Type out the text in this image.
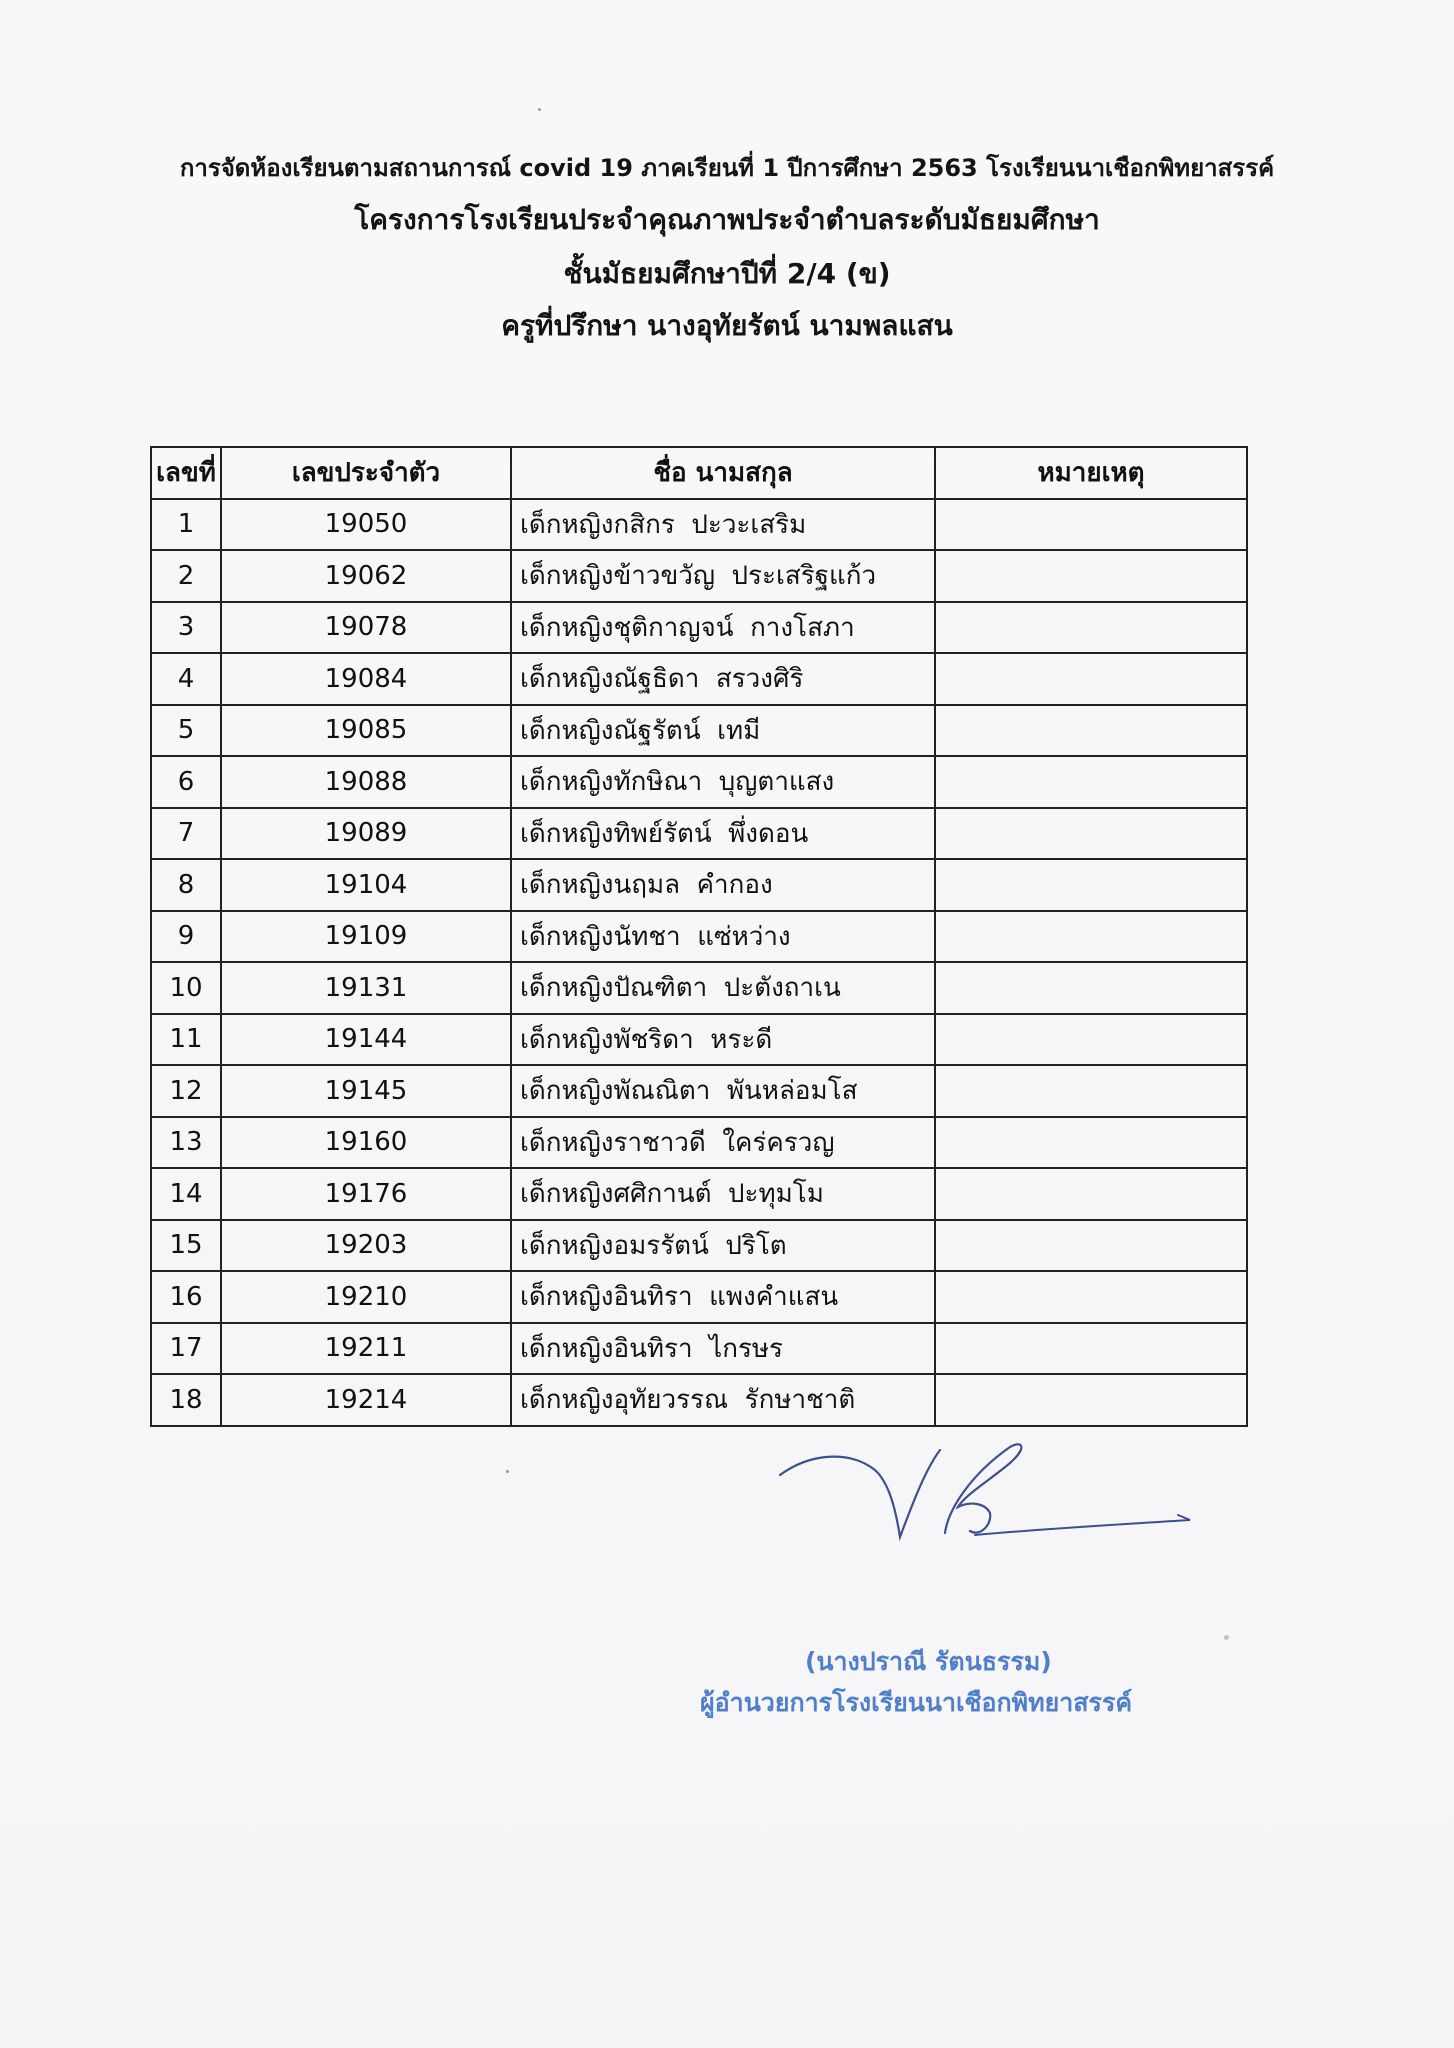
การจัดห้องเรียนตามสถานการณ์ covid 19 ภาคเรียนที่ 1 ปีการศึกษา 2563 โรงเรียนนาเชือกพิทยาสรรค์
โครงการโรงเรียนประจำคุณภาพประจำตำบลระดับมัธยมศึกษา
ชั้นมัธยมศึกษาปีที่ 2/4 (ข)
ครูที่ปรึกษา นางอุทัยรัตน์ นามพลแสน
เลขที่	เลขประจำตัว	ชื่อ นามสกุล	หมายเหตุ
1	19050	เด็กหญิงกสิกร  ปะวะเสริม	
2	19062	เด็กหญิงข้าวขวัญ  ประเสริฐแก้ว	
3	19078	เด็กหญิงชุติกาญจน์  กางโสภา	
4	19084	เด็กหญิงณัฐธิดา  สรวงศิริ	
5	19085	เด็กหญิงณัฐรัตน์  เทมี	
6	19088	เด็กหญิงทักษิณา  บุญตาแสง	
7	19089	เด็กหญิงทิพย์รัตน์  พึ่งดอน	
8	19104	เด็กหญิงนฤมล  คำกอง	
9	19109	เด็กหญิงนัทชา  แซ่หว่าง	
10	19131	เด็กหญิงปัณฑิตา  ปะตังถาเน	
11	19144	เด็กหญิงพัชริดา  หระดี	
12	19145	เด็กหญิงพัณณิตา  พันหล่อมโส	
13	19160	เด็กหญิงราชาวดี  ใคร่ครวญ	
14	19176	เด็กหญิงศศิกานต์  ปะทุมโม	
15	19203	เด็กหญิงอมรรัตน์  ปริโต	
16	19210	เด็กหญิงอินทิรา  แพงคำแสน	
17	19211	เด็กหญิงอินทิรา  ไกรษร	
18	19214	เด็กหญิงอุทัยวรรณ  รักษาชาติ	
(นางปราณี รัตนธรรม)
ผู้อำนวยการโรงเรียนนาเชือกพิทยาสรรค์
